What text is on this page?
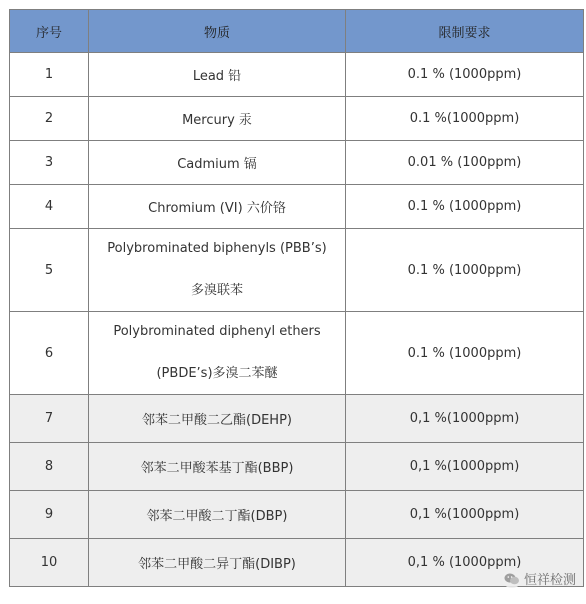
序号	物质	限制要求
1	Lead 铅	0.1 % (1000ppm)
2	Mercury 汞	0.1 %(1000ppm)
3	Cadmium 镉	0.01 % (100ppm)
4	Chromium (VI) 六价铬	0.1 % (1000ppm)
5	Polybrominated biphenyls (PBB’s)
多溴联苯	0.1 % (1000ppm)
6	Polybrominated diphenyl ethers
(PBDE’s)多溴二苯醚	0.1 % (1000ppm)
7	邻苯二甲酸二乙酯(DEHP)	0,1 %(1000ppm)
8	邻苯二甲酸苯基丁酯(BBP)	0,1 %(1000ppm)
9	邻苯二甲酸二丁酯(DBP)	0,1 %(1000ppm)
10	邻苯二甲酸二异丁酯(DIBP)	0,1 % (1000ppm)
恒祥检测
